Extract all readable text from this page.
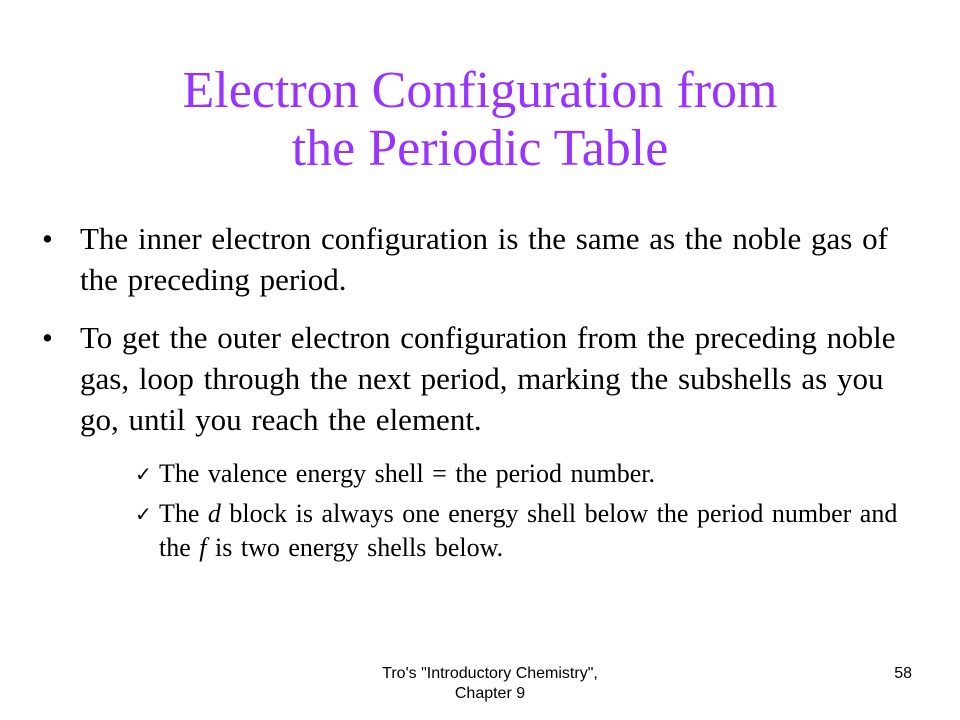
Electron Configuration from
the Periodic Table
• The inner electron configuration is the same as the noble gas of the preceding period.
• To get the outer electron configuration from the preceding noble gas, loop through the next period, marking the subshells as you go, until you reach the element.
✓ The valence energy shell = the period number.
✓ The d block is always one energy shell below the period number and the f is two energy shells below.
Tro's "Introductory Chemistry",
Chapter 9
58
